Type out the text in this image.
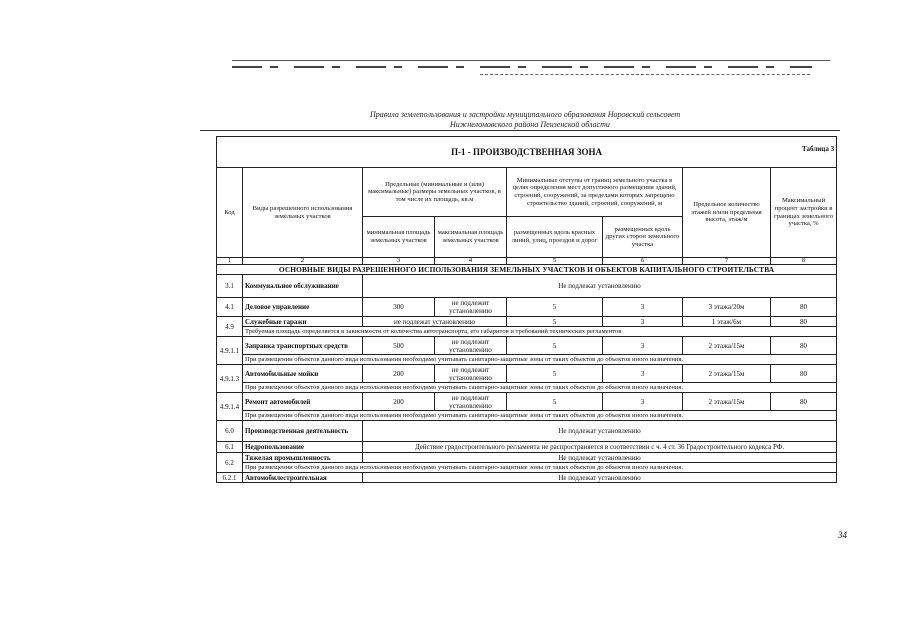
Правила землепользования и застройки муниципального образования Норовский сельсовет
Нижнеломовского района Пензенской области
П-1 - ПРОИЗВОДСТВЕННАЯ ЗОНА Таблица 3							

Код	Виды разрешенного использования земельных участков	Предельные (минимальные и (или) максимальные) размеры земельных участков, в том числе их площадь, кв.м		Минимальные отступы от границ земельного участка в целях определения мест допустимого размещения зданий, строений, сооружений, за пределами которых запрещено строительство зданий, строений, сооружений, м		Предельное количество этажей и/или предельная высота, этаж/м	Максимальный процент застройки в границах земельного участка, %
		минимальная площадь земельных участков	максимальная площадь земельных участков	размещенных вдоль красных линий, улиц, проездов и дорог	размещенных вдоль других сторон земельного участка		
1	2	3	4	5	6	7	8
ОСНОВНЫЕ ВИДЫ РАЗРЕШЕННОГО ИСПОЛЬЗОВАНИЯ ЗЕМЕЛЬНЫХ УЧАСТКОВ И ОБЪЕКТОВ КАПИТАЛЬНОГО СТРОИТЕЛЬСТВА							
3.1	Коммунальное обслуживание	Не подлежат установлению					
4.1	Деловое управление	300	не подлежит установлению	5	3	3 этажа/20м	80
4.9	Служебные гаражи	не подлежат установлению		5	3	1 этаж/6м	80
	Требуемая площадь определяется в зависимости от количества автотранспорта, его габаритов и требований технических регламентов						
4.9.1.1	Заправка транспортных средств	500	не подлежит установлению	5	3	2 этажа/15м	80
	При размещении объектов данного вида использования необходимо учитывать санитарно-защитные зоны от таких объектов до объектов иного назначения.						
4.9.1.3	Автомобильные мойки	200	не подлежит установлению	5	3	2 этажа/15м	80
	При размещении объектов данного вида использования необходимо учитывать санитарно-защитные зоны от таких объектов до объектов иного назначения.						
4.9.1.4	Ремонт автомобилей	200	не подлежит установлению	5	3	2 этажа/15м	80
	При размещении объектов данного вида использования необходимо учитывать санитарно-защитные зоны от таких объектов до объектов иного назначения.						
6.0	Производственная деятельность	Не подлежат установлению					
6.1	Недропользование	Действие градостроительного регламента не распространяется в соответствии с ч. 4 ст. 36 Градостроительного кодекса РФ.					
6.2	Тяжелая промышленность	Не подлежат установлению					
	При размещении объектов данного вида использования необходимо учитывать санитарно-защитные зоны от таких объектов до объектов иного назначения.						
6.2.1	Автомобилестроительная	Не подлежат установлению					
34
